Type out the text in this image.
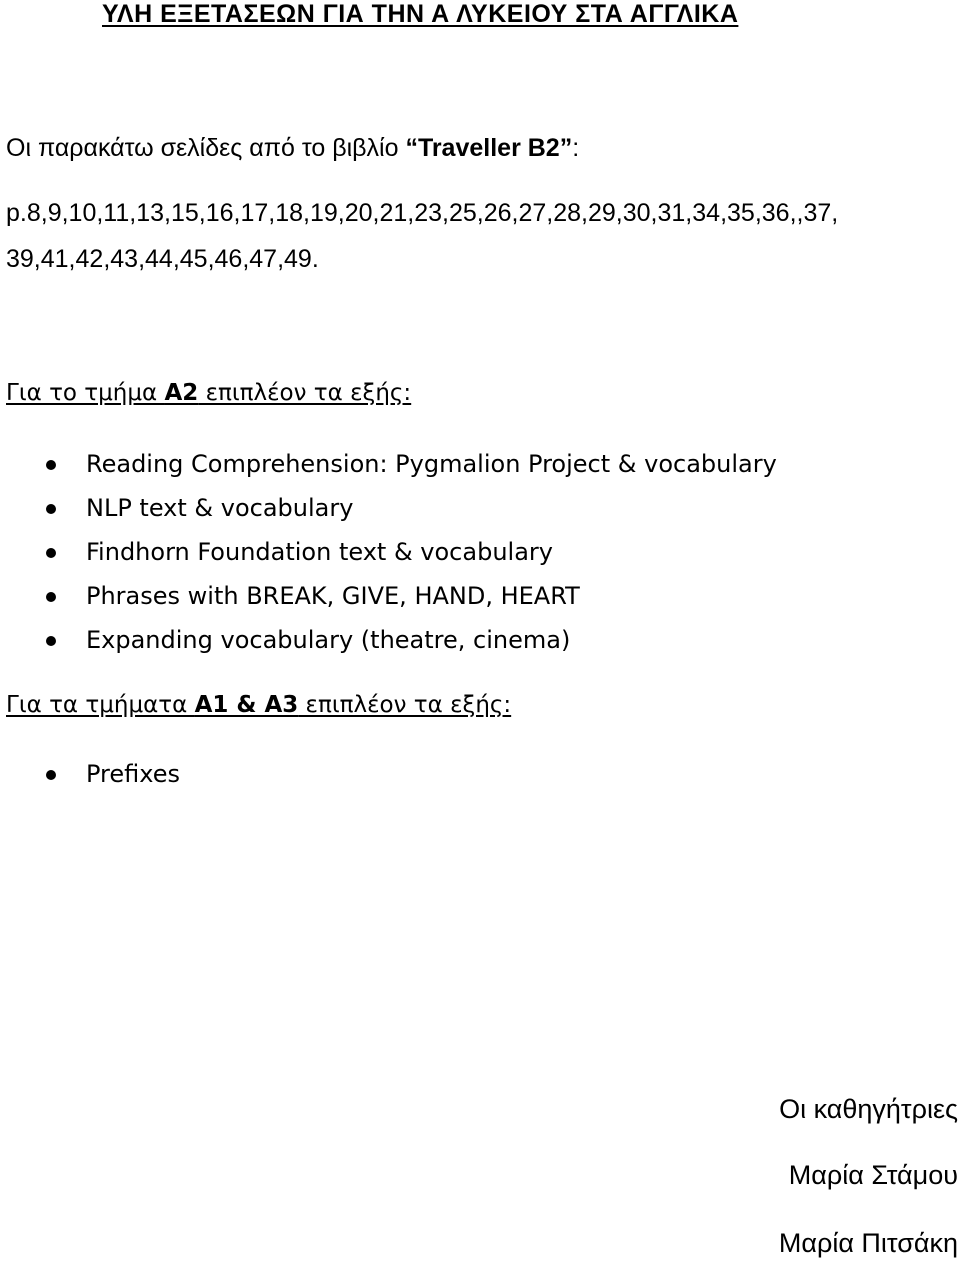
ΥΛΗ ΕΞΕΤΑΣΕΩΝ ΓΙΑ ΤΗΝ Α ΛΥΚΕΙΟΥ ΣΤΑ ΑΓΓΛΙΚΑ
Οι παρακάτω σελίδες από το βιβλίο “Traveller B2”:
p.8,9,10,11,13,15,16,17,18,19,20,21,23,25,26,27,28,29,30,31,34,35,36,,37,
39,41,42,43,44,45,46,47,49.
Για το τμήμα Α2 επιπλέον τα εξής:
Reading Comprehension: Pygmalion Project & vocabulary
NLP text & vocabulary
Findhorn Foundation text & vocabulary
Phrases with BREAK, GIVE, HAND, HEART
Expanding vocabulary (theatre, cinema)
Για τα τμήματα Α1 & Α3 επιπλέον τα εξής:
Prefixes
Οι καθηγήτριες
Μαρία Στάμου
Μαρία Πιτσάκη
